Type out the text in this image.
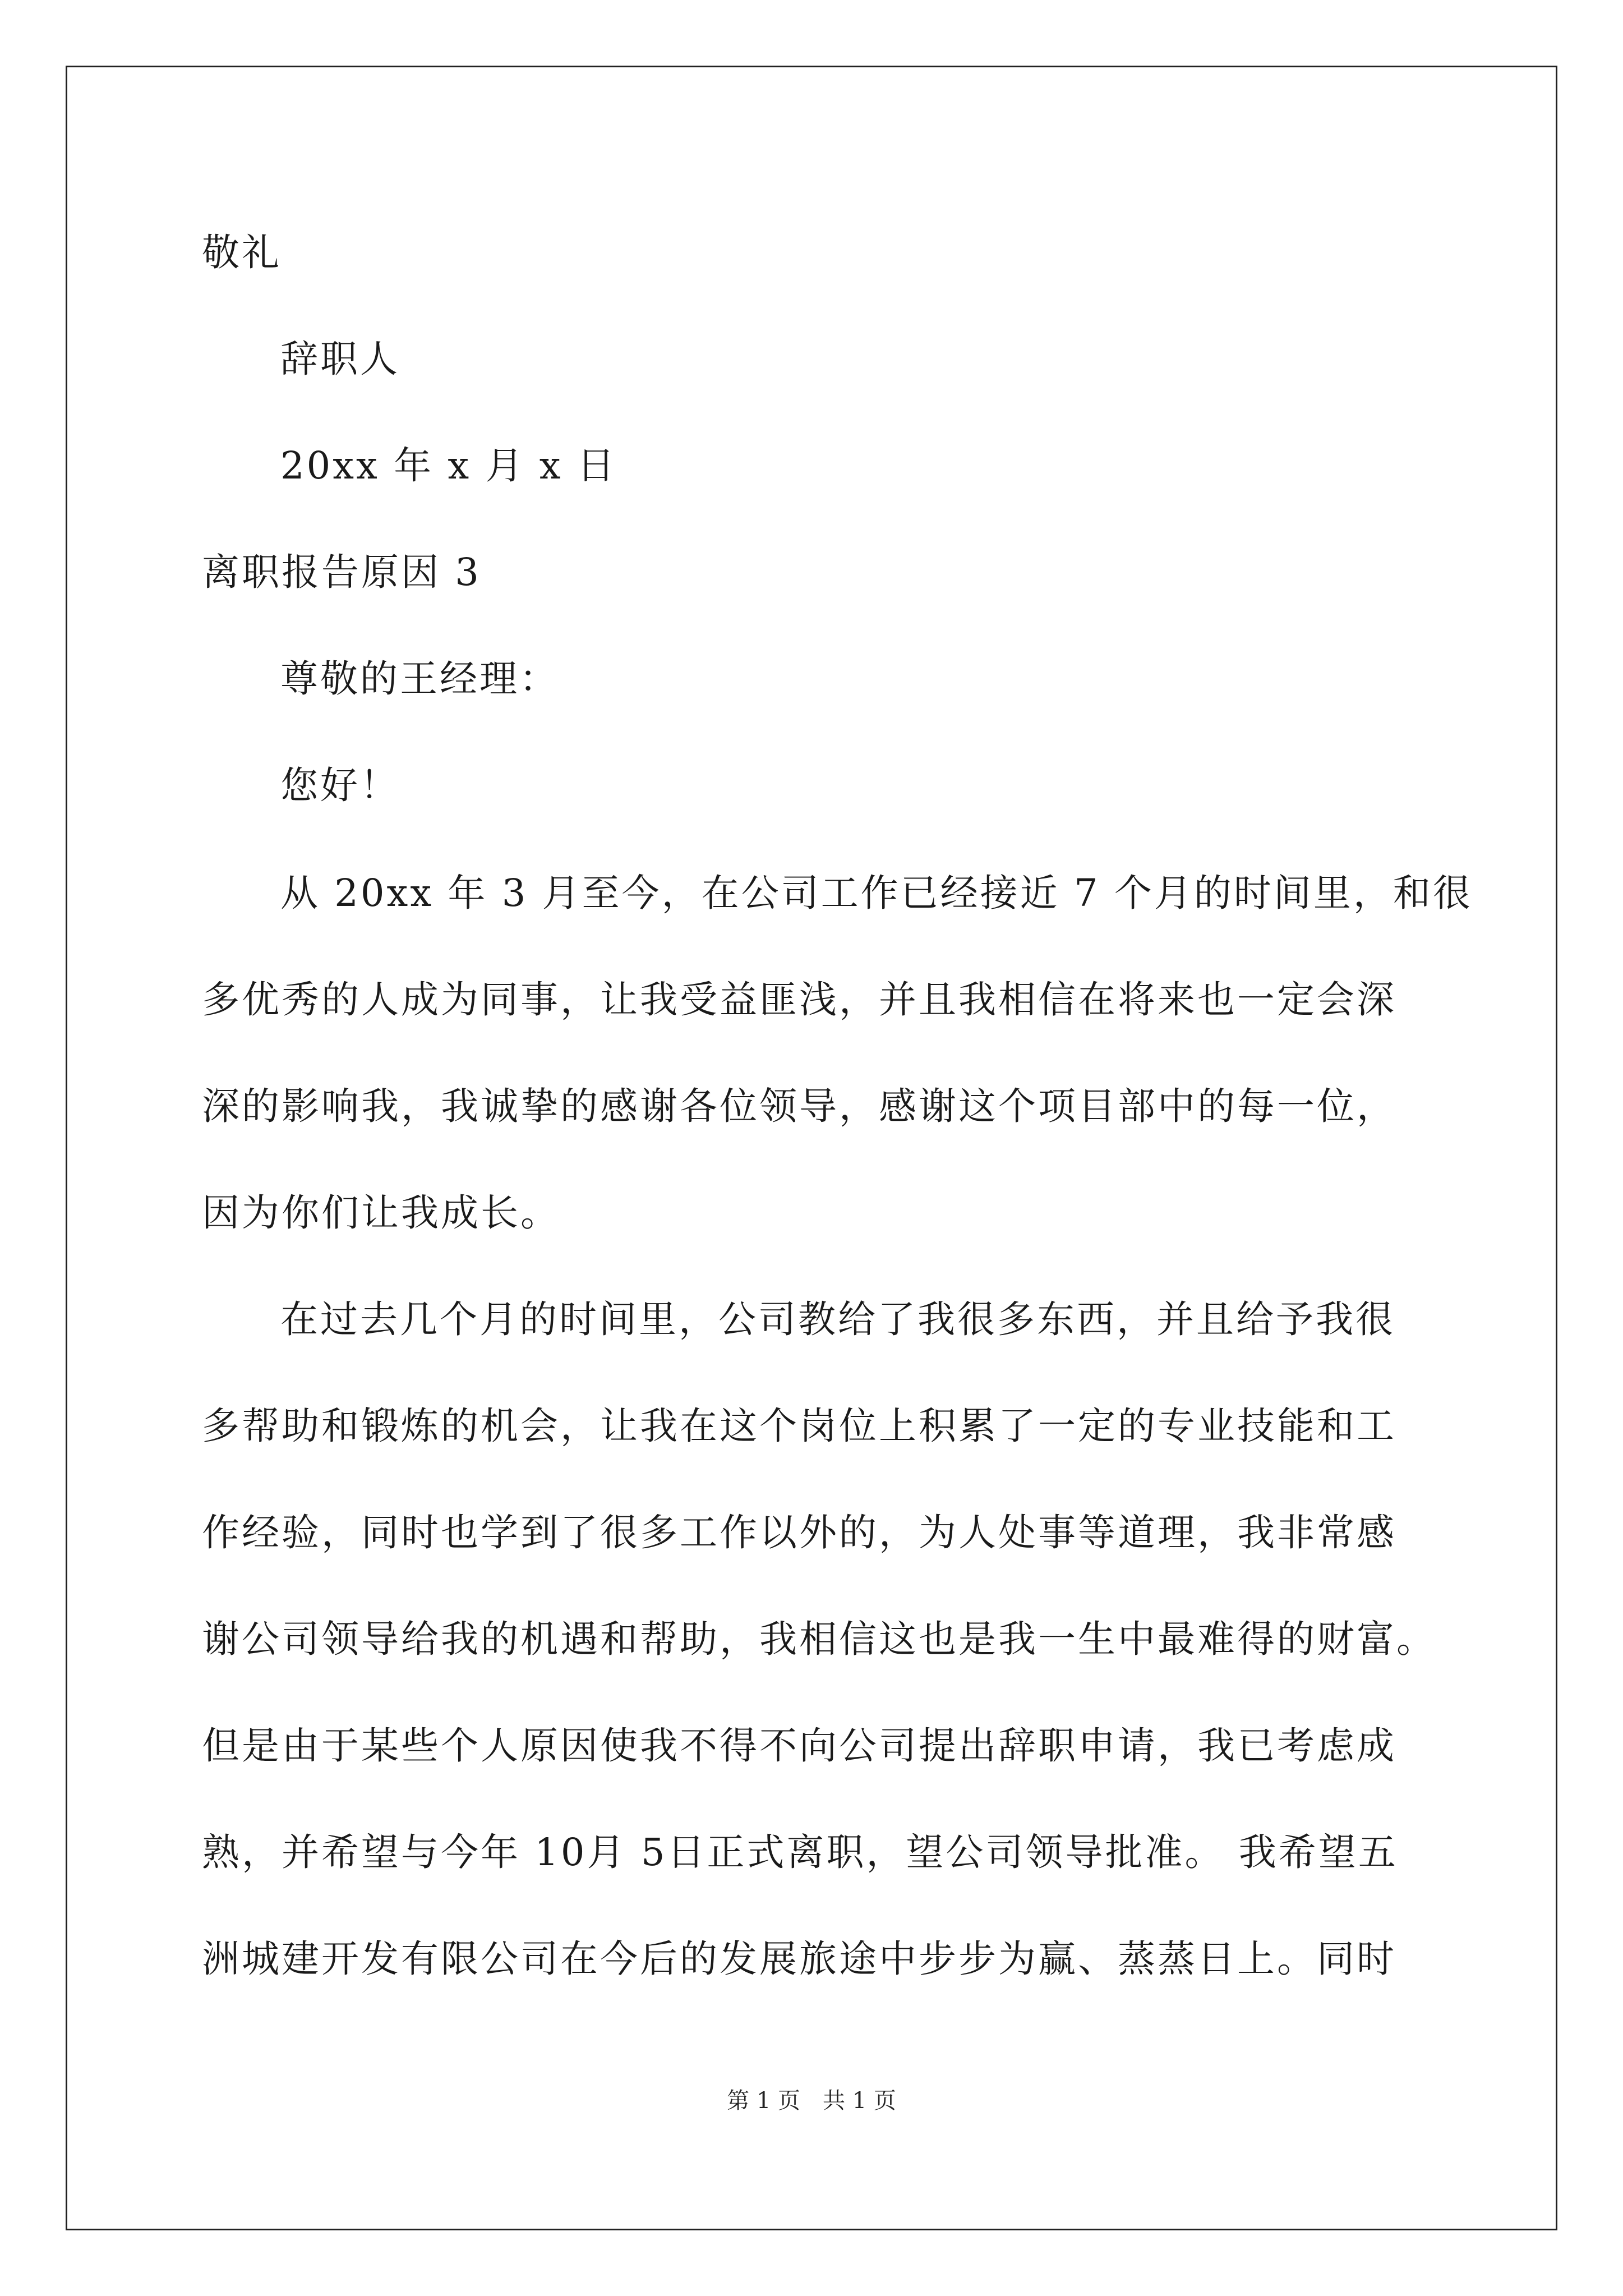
敬礼
辞职人
20xx 年 x 月 x 日
离职报告原因 3
尊敬的王经理：
您好！
从 20xx 年 3 月至今，在公司工作已经接近 7 个月的时间里，和很
多优秀的人成为同事，让我受益匪浅，并且我相信在将来也一定会深
深的影响我，我诚挚的感谢各位领导，感谢这个项目部中的每一位，
因为你们让我成长。
在过去几个月的时间里，公司教给了我很多东西，并且给予我很
多帮助和锻炼的机会，让我在这个岗位上积累了一定的专业技能和工
作经验，同时也学到了很多工作以外的，为人处事等道理，我非常感
谢公司领导给我的机遇和帮助，我相信这也是我一生中最难得的财富。
但是由于某些个人原因使我不得不向公司提出辞职申请，我已考虑成
熟，并希望与今年 10月 5日正式离职，望公司领导批准。 我希望五
洲城建开发有限公司在今后的发展旅途中步步为赢、蒸蒸日上。同时
第 1 页　共 1 页
